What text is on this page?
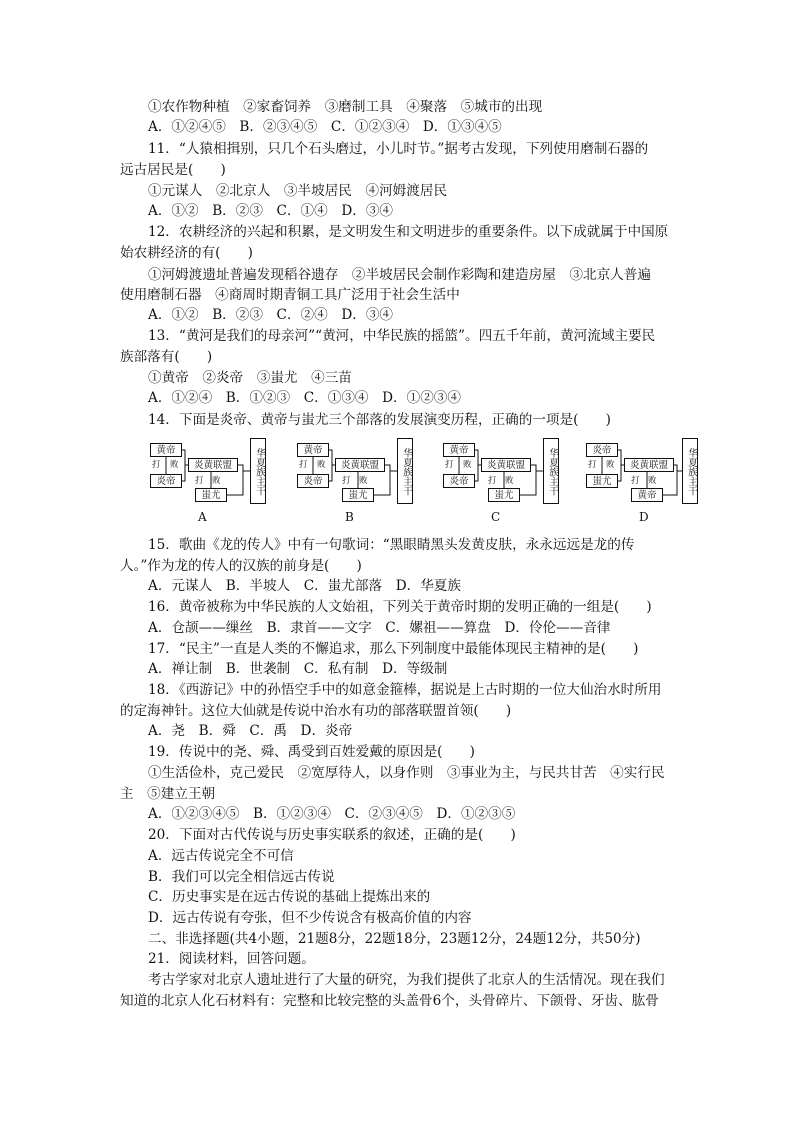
①农作物种植　②家畜饲养　③磨制工具　④聚落　⑤城市的出现
A．①②④⑤　B．②③④⑤　C．①②③④　D．①③④⑤
11．“人猿相揖别，只几个石头磨过，小儿时节。”据考古发现，下列使用磨制石器的
远古居民是(　　)
①元谋人　②北京人　③半坡居民　④河姆渡居民
A．①②　B．②③　C．①④　D．③④
12．农耕经济的兴起和积累，是文明发生和文明进步的重要条件。以下成就属于中国原
始农耕经济的有(　　)
①河姆渡遗址普遍发现稻谷遗存　②半坡居民会制作彩陶和建造房屋　③北京人普遍
使用磨制石器　④商周时期青铜工具广泛用于社会生活中
A．①②　B．②③　C．②④　D．③④
13．“黄河是我们的母亲河”“黄河，中华民族的摇篮”。四五千年前，黄河流域主要民
族部落有(　　)
①黄帝　②炎帝　③蚩尤　④三苗
A．①②④　B．①②③　C．①③④　D．①②③④
14．下面是炎帝、黄帝与蚩尤三个部落的发展演变历程，正确的一项是(　　)
黄帝
打 败
炎帝
炎黄联盟
打 败
蚩尤
华夏族主干
A
黄帝
打 败
炎帝
炎黄联盟
打 败
蚩尤
华夏族主干
B
黄帝
打 败
炎帝
炎黄联盟
打 败
蚩尤
华夏族主干
C
炎帝
打 败
蚩尤
炎黄联盟
打 败
黄帝
华夏族主干
D
15．歌曲《龙的传人》中有一句歌词：“黑眼睛黑头发黄皮肤，永永远远是龙的传
人。”作为龙的传人的汉族的前身是(　　)
A．元谋人　B．半坡人　C．蚩尤部落　D．华夏族
16．黄帝被称为中华民族的人文始祖，下列关于黄帝时期的发明正确的一组是(　　)
A．仓颉——缫丝　B．隶首——文字　C．嫘祖——算盘　D．伶伦——音律
17．“民主”一直是人类的不懈追求，那么下列制度中最能体现民主精神的是(　　)
A．禅让制　B．世袭制　C．私有制　D．等级制
18．《西游记》中的孙悟空手中的如意金箍棒，据说是上古时期的一位大仙治水时所用
的定海神针。这位大仙就是传说中治水有功的部落联盟首领(　　)
A．尧　B．舜　C．禹　D．炎帝
19．传说中的尧、舜、禹受到百姓爱戴的原因是(　　)
①生活俭朴，克己爱民　②宽厚待人，以身作则　③事业为主，与民共甘苦　④实行民
主　⑤建立王朝
A．①②③④⑤　B．①②③④　C．②③④⑤　D．①②③⑤
20．下面对古代传说与历史事实联系的叙述，正确的是(　　)
A．远古传说完全不可信
B．我们可以完全相信远古传说
C．历史事实是在远古传说的基础上提炼出来的
D．远古传说有夸张，但不少传说含有极高价值的内容
二、非选择题(共4小题，21题8分，22题18分，23题12分，24题12分，共50分)
21．阅读材料，回答问题。
考古学家对北京人遗址进行了大量的研究，为我们提供了北京人的生活情况。现在我们
知道的北京人化石材料有：完整和比较完整的头盖骨6个，头骨碎片、下颌骨、牙齿、肱骨
